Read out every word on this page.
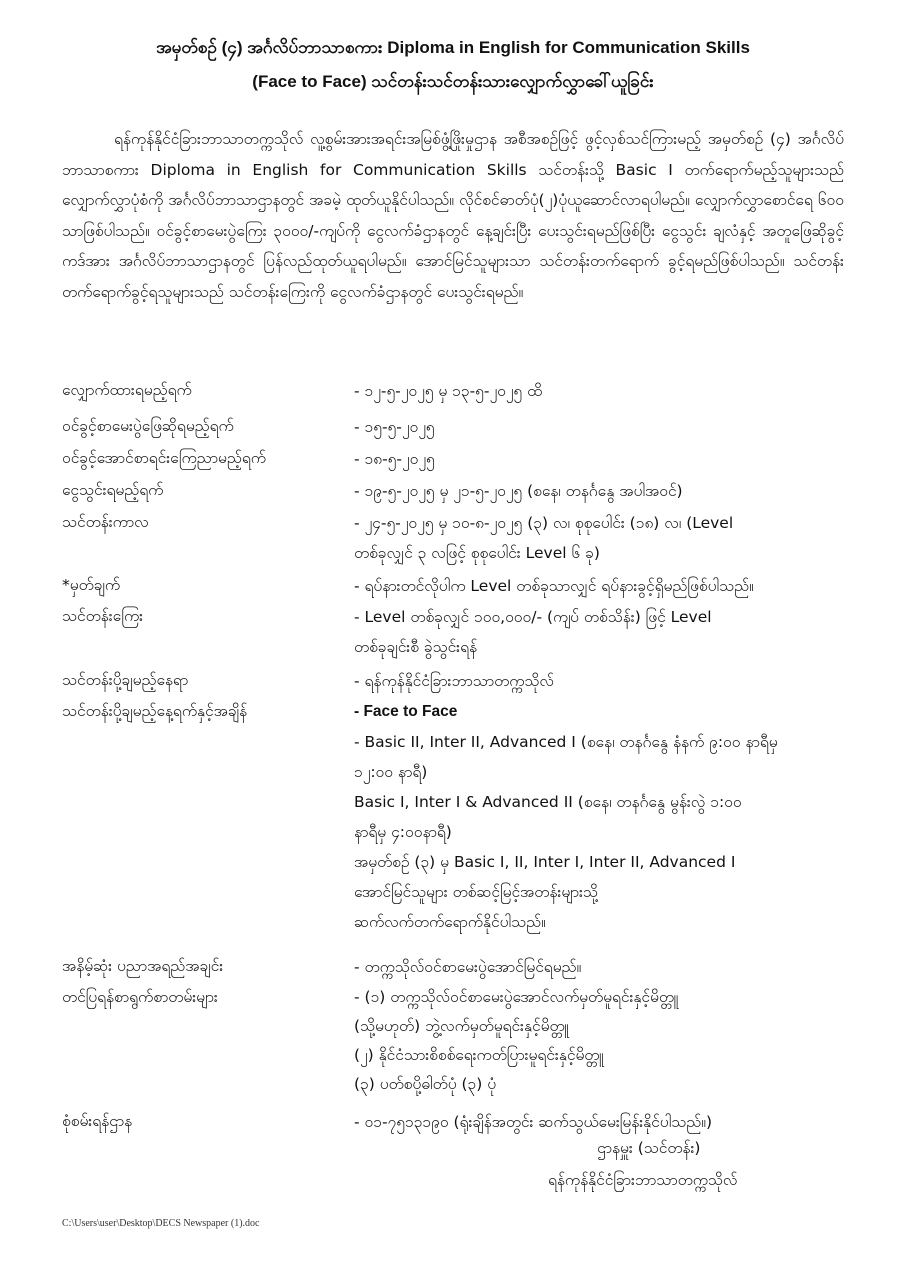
အမှတ်စဉ် (၄) အင်္ဂလိပ်ဘာသာစကား Diploma in English for Communication Skills
(Face to Face) သင်တန်းသင်တန်းသားလျှောက်လွှာခေါ်ယူခြင်း

ရန်ကုန်နိုင်ငံခြားဘာသာတက္ကသိုလ် လူ့စွမ်းအားအရင်းအမြစ်ဖွံ့ဖြိုးမှုဌာန အစီအစဉ်ဖြင့် ဖွင့်လှစ်သင်ကြားမည့် အမှတ်စဉ် (၄) အင်္ဂလိပ်ဘာသာစကား Diploma in English for Communication Skills သင်တန်းသို့ Basic I တက်ရောက်မည့်သူများသည် လျှောက်လွှာပုံစံကို အင်္ဂလိပ်ဘာသာဌာနတွင် အခမဲ့ ထုတ်ယူနိုင်ပါသည်။ လိုင်စင်ဓာတ်ပုံ(၂)ပုံယူဆောင်လာရပါမည်။ လျှောက်လွှာစောင်ရေ ၆၀၀ သာဖြစ်ပါသည်။ ဝင်ခွင့်စာမေးပွဲကြေး ၃၀၀၀/-ကျပ်ကို ငွေလက်ခံဌာနတွင် နေ့ချင်းပြီး ပေးသွင်းရမည်ဖြစ်ပြီး ငွေသွင်း ချလံနှင့် အတူဖြေဆိုခွင့်ကဒ်အား အင်္ဂလိပ်ဘာသာဌာနတွင် ပြန်လည်ထုတ်ယူရပါမည်။ အောင်မြင်သူများသာ သင်တန်းတက်ရောက် ခွင့်ရမည်ဖြစ်ပါသည်။ သင်တန်းတက်ရောက်ခွင့်ရသူများသည် သင်တန်းကြေးကို ငွေလက်ခံဌာနတွင် ပေးသွင်းရမည်။

လျှောက်ထားရမည့်ရက်	- ၁၂-၅-၂၀၂၅ မှ ၁၃-၅-၂၀၂၅ ထိ
ဝင်ခွင့်စာမေးပွဲဖြေဆိုရမည့်ရက်	- ၁၅-၅-၂၀၂၅
ဝင်ခွင့်အောင်စာရင်းကြေညာမည့်ရက်	- ၁၈-၅-၂၀၂၅
ငွေသွင်းရမည့်ရက်	- ၁၉-၅-၂၀၂၅ မှ ၂၁-၅-၂၀၂၅ (စနေ၊ တနင်္ဂနွေ အပါအဝင်)
သင်တန်းကာလ	- ၂၄-၅-၂၀၂၅ မှ ၁၀-၈-၂၀၂၅ (၃) လ၊ စုစုပေါင်း (၁၈) လ၊ (Level
တစ်ခုလျှင် ၃ လဖြင့် စုစုပေါင်း Level ၆ ခု)
*မှတ်ချက်	- ရပ်နားတင်လိုပါက Level တစ်ခုသာလျှင် ရပ်နားခွင့်ရှိမည်ဖြစ်ပါသည်။
သင်တန်းကြေး	- Level တစ်ခုလျှင် ၁၀၀,၀၀၀/- (ကျပ် တစ်သိန်း) ဖြင့် Level
တစ်ခုချင်းစီ ခွဲသွင်းရန်
သင်တန်းပို့ချမည့်နေရာ	- ရန်ကုန်နိုင်ငံခြားဘာသာတက္ကသိုလ်
သင်တန်းပို့ချမည့်နေ့ရက်နှင့်အချိန်	- Face to Face
- Basic II, Inter II, Advanced I (စနေ၊ တနင်္ဂနွေ နံနက် ၉:၀၀ နာရီမှ
၁၂:၀၀ နာရီ)
Basic I, Inter I & Advanced II (စနေ၊ တနင်္ဂနွေ မွန်းလွဲ ၁:၀၀
နာရီမှ ၄:၀၀နာရီ)
အမှတ်စဉ် (၃) မှ Basic I, II, Inter I, Inter II, Advanced I
အောင်မြင်သူများ တစ်ဆင့်မြင့်အတန်းများသို့
ဆက်လက်တက်ရောက်နိုင်ပါသည်။
အနိမ့်ဆုံး ပညာအရည်အချင်း	- တက္ကသိုလ်ဝင်စာမေးပွဲအောင်မြင်ရမည်။
တင်ပြရန်စာရွက်စာတမ်းများ	- (၁) တက္ကသိုလ်ဝင်စာမေးပွဲအောင်လက်မှတ်မူရင်းနှင့်မိတ္တူ
(သို့မဟုတ်) ဘွဲ့လက်မှတ်မူရင်းနှင့်မိတ္တူ
(၂) နိုင်ငံသားစိစစ်ရေးကတ်ပြားမူရင်းနှင့်မိတ္တူ
(၃) ပတ်စပို့ဓါတ်ပုံ (၃) ပုံ
စုံစမ်းရန်ဌာန	- ၀၁-၇၅၁၃၁၉၀ (ရုံးချိန်အတွင်း ဆက်သွယ်မေးမြန်းနိုင်ပါသည်။)
ဌာနမှူး (သင်တန်း)
ရန်ကုန်နိုင်ငံခြားဘာသာတက္ကသိုလ်
C:\Users\user\Desktop\DECS Newspaper (1).doc
